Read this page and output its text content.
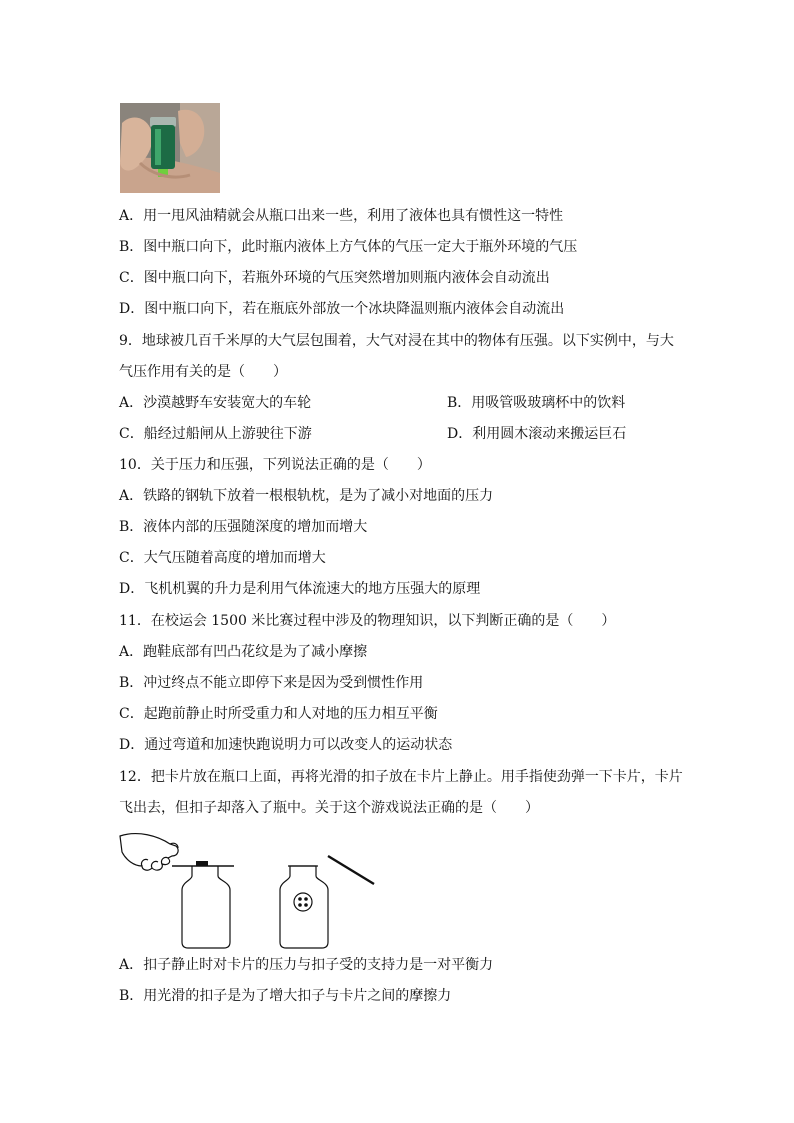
A．用一甩风油精就会从瓶口出来一些，利用了液体也具有惯性这一特性
B．图中瓶口向下，此时瓶内液体上方气体的气压一定大于瓶外环境的气压
C．图中瓶口向下，若瓶外环境的气压突然增加则瓶内液体会自动流出
D．图中瓶口向下，若在瓶底外部放一个冰块降温则瓶内液体会自动流出
9．地球被几百千米厚的大气层包围着，大气对浸在其中的物体有压强。以下实例中，与大
气压作用有关的是（　　）
A．沙漠越野车安装宽大的车轮	B．用吸管吸玻璃杯中的饮料
C．船经过船闸从上游驶往下游	D．利用圆木滚动来搬运巨石
10．关于压力和压强，下列说法正确的是（　　）
A．铁路的钢轨下放着一根根轨枕，是为了减小对地面的压力
B．液体内部的压强随深度的增加而增大
C．大气压随着高度的增加而增大
D．飞机机翼的升力是利用气体流速大的地方压强大的原理
11．在校运会 1500 米比赛过程中涉及的物理知识，以下判断正确的是（　　）
A．跑鞋底部有凹凸花纹是为了减小摩擦
B．冲过终点不能立即停下来是因为受到惯性作用
C．起跑前静止时所受重力和人对地的压力相互平衡
D．通过弯道和加速快跑说明力可以改变人的运动状态
12．把卡片放在瓶口上面，再将光滑的扣子放在卡片上静止。用手指使劲弹一下卡片，卡片
飞出去，但扣子却落入了瓶中。关于这个游戏说法正确的是（　　）
A．扣子静止时对卡片的压力与扣子受的支持力是一对平衡力
B．用光滑的扣子是为了增大扣子与卡片之间的摩擦力
